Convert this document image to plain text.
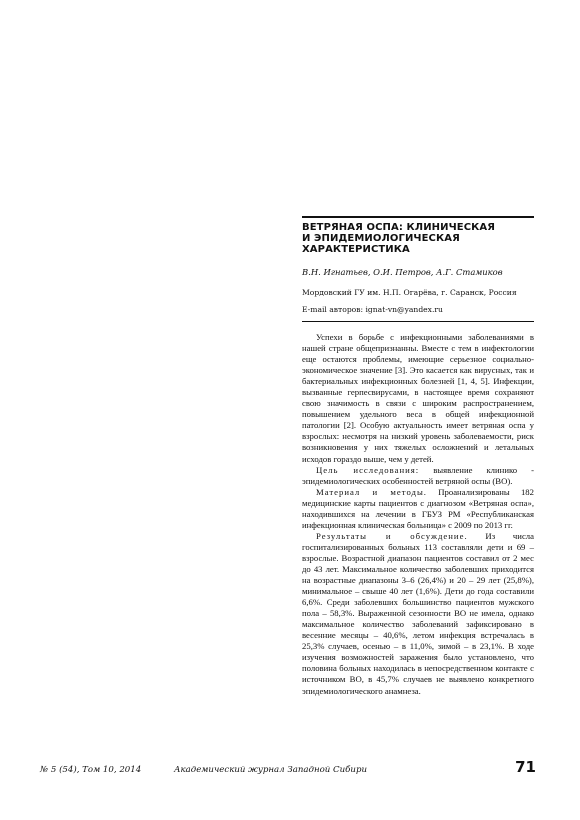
ВЕТРЯНАЯ ОСПА: КЛИНИЧЕСКАЯ
И ЭПИДЕМИОЛОГИЧЕСКАЯ
ХАРАКТЕРИСТИКА
В.Н. Игнатьев, О.И. Петров, А.Г. Стамиков
Мордовский ГУ им. Н.П. Огарёва, г. Саранск, Россия
E-mail авторов: ignat-vn@yandex.ru

Успехи в борьбе с инфекционными заболеваниями в нашей стране общепризнанны. Вместе с тем в инфектологии еще остаются проблемы, имеющие серьезное социально-экономическое значение [3]. Это касается как вирусных, так и бактериальных инфекционных болезней [1, 4, 5]. Инфекции, вызванные герпесвирусами, в настоящее время сохраняют свою значимость в связи с широким распространением, повышением удельного веса в общей инфекционной патологии [2]. Особую актуальность имеет ветряная оспа у взрослых: несмотря на низкий уровень заболеваемости, риск возникновения у них тяжелых осложнений и летальных исходов гораздо выше, чем у детей.

Цель исследования: выявление клинико - эпидемиологических особенностей ветряной оспы (ВО).

Материал и методы. Проанализированы 182 медицинские карты пациентов с диагнозом «Ветряная оспа», находившихся на лечении в ГБУЗ РМ «Республиканская инфекционная клиническая больница» с 2009 по 2013 гг.

Результаты и обсуждение. Из числа госпитализированных больных 113 составляли дети и 69 – взрослые. Возрастной диапазон пациентов составил от 2 мес до 43 лет. Максимальное количество заболевших приходится на возрастные диапазоны 3–6 (26,4%) и 20 – 29 лет (25,8%), минимальное – свыше 40 лет (1,6%). Дети до года составили 6,6%. Среди заболевших большинство пациентов мужского пола – 58,3%. Выраженной сезонности ВО не имела, однако максимальное количество заболеваний зафиксировано в весенние месяцы – 40,6%, летом инфекция встречалась в 25,3% случаев, осенью – в 11,0%, зимой – в 23,1%. В ходе изучения возможностей заражения было установлено, что половина больных находилась в непосредственном контакте с источником ВО, в 45,7% случаев не выявлено конкретного эпидемиологического анамнеза.

№ 5 (54), Том 10, 2014	Академический журнал Западной Сибири	71
